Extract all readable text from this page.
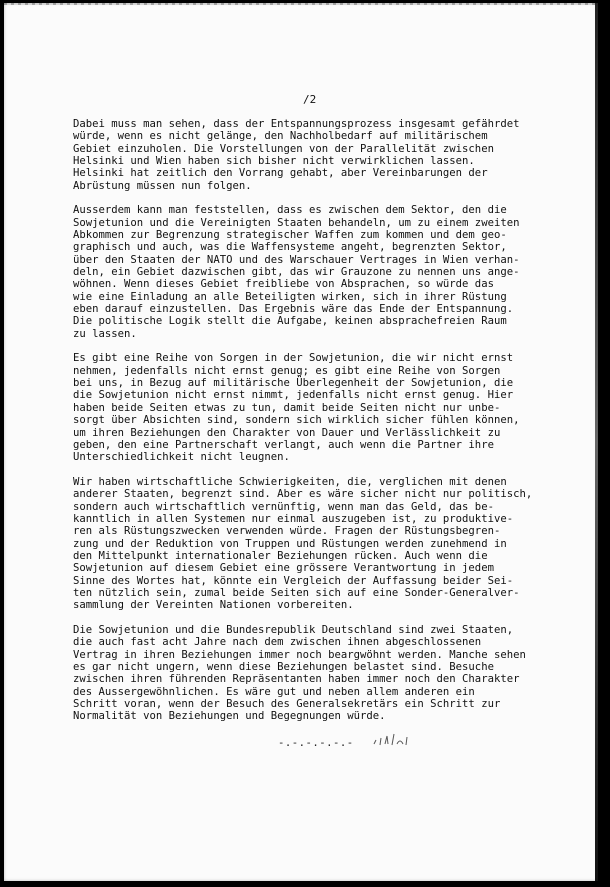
/2
Dabei muss man sehen, dass der Entspannungsprozess insgesamt gefährdet
würde, wenn es nicht gelänge, den Nachholbedarf auf militärischem
Gebiet einzuholen. Die Vorstellungen von der Parallelität zwischen
Helsinki und Wien haben sich bisher nicht verwirklichen lassen.
Helsinki hat zeitlich den Vorrang gehabt, aber Vereinbarungen der
Abrüstung müssen nun folgen.
Ausserdem kann man feststellen, dass es zwischen dem Sektor, den die
Sowjetunion und die Vereinigten Staaten behandeln, um zu einem zweiten
Abkommen zur Begrenzung strategischer Waffen zum kommen und dem geo-
graphisch und auch, was die Waffensysteme angeht, begrenzten Sektor,
über den Staaten der NATO und des Warschauer Vertrages in Wien verhan-
deln, ein Gebiet dazwischen gibt, das wir Grauzone zu nennen uns ange-
wöhnen. Wenn dieses Gebiet freibliebe von Absprachen, so würde das
wie eine Einladung an alle Beteiligten wirken, sich in ihrer Rüstung
eben darauf einzustellen. Das Ergebnis wäre das Ende der Entspannung.
Die politische Logik stellt die Aufgabe, keinen absprachefreien Raum
zu lassen.
Es gibt eine Reihe von Sorgen in der Sowjetunion, die wir nicht ernst
nehmen, jedenfalls nicht ernst genug; es gibt eine Reihe von Sorgen
bei uns, in Bezug auf militärische Überlegenheit der Sowjetunion, die
die Sowjetunion nicht ernst nimmt, jedenfalls nicht ernst genug. Hier
haben beide Seiten etwas zu tun, damit beide Seiten nicht nur unbe-
sorgt über Absichten sind, sondern sich wirklich sicher fühlen können,
um ihren Beziehungen den Charakter von Dauer und Verlässlichkeit zu
geben, den eine Partnerschaft verlangt, auch wenn die Partner ihre
Unterschiedlichkeit nicht leugnen.
Wir haben wirtschaftliche Schwierigkeiten, die, verglichen mit denen
anderer Staaten, begrenzt sind. Aber es wäre sicher nicht nur politisch,
sondern auch wirtschaftlich vernünftig, wenn man das Geld, das be-
kanntlich in allen Systemen nur einmal auszugeben ist, zu produktive-
ren als Rüstungszwecken verwenden würde. Fragen der Rüstungsbegren-
zung und der Reduktion von Truppen und Rüstungen werden zunehmend in
den Mittelpunkt internationaler Beziehungen rücken. Auch wenn die
Sowjetunion auf diesem Gebiet eine grössere Verantwortung in jedem
Sinne des Wortes hat, könnte ein Vergleich der Auffassung beider Sei-
ten nützlich sein, zumal beide Seiten sich auf eine Sonder-Generalver-
sammlung der Vereinten Nationen vorbereiten.
Die Sowjetunion und die Bundesrepublik Deutschland sind zwei Staaten,
die auch fast acht Jahre nach dem zwischen ihnen abgeschlossenen
Vertrag in ihren Beziehungen immer noch beargwöhnt werden. Manche sehen
es gar nicht ungern, wenn diese Beziehungen belastet sind. Besuche
zwischen ihren führenden Repräsentanten haben immer noch den Charakter
des Aussergewöhnlichen. Es wäre gut und neben allem anderen ein
Schritt voran, wenn der Besuch des Generalsekretärs ein Schritt zur
Normalität von Beziehungen und Begegnungen würde.
-.-.-.-.-.-
